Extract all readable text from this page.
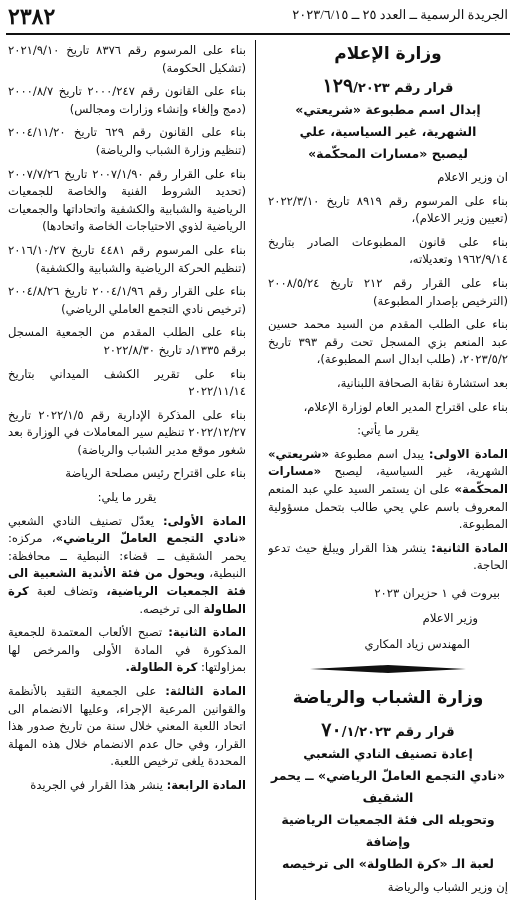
٢٣٨٢	الجريدة الرسمية ــ العدد ٢٥ ــ ٢٠٢٣/٦/١٥
وزارة الإعلام

قرار رقم ١٢٩/٢٠٢٣

إبدال اسم مطبوعة «شريعتي»
الشهرية، غير السياسية، علي
ليصبح «مسارات المحكّمة»

ان وزير الاعلام

بناء على المرسوم رقم ٨٩١٩ تاريخ ٢٠٢٢/٣/١٠ (تعيين وزير الاعلام)،

بناء على قانون المطبوعات الصادر بتاريخ ١٩٦٢/٩/١٤ وتعديلاته،

بناء على القرار رقم ٢١٢ تاريخ ٢٠٠٨/٥/٢٤ (الترخيص بإصدار المطبوعة)

بناء على الطلب المقدم من السيد محمد حسين عبد المنعم بزي المسجل تحت رقم ٣٩٣ تاريخ ٢٠٢٣/٥/٢، (طلب ابدال اسم المطبوعة)،

بعد استشارة نقابة الصحافة اللبنانية،

بناء على اقتراح المدير العام لوزارة الإعلام،

يقرر ما يأتي:

المادة الاولى: يبدل اسم مطبوعة «شريعتي» الشهرية، غير السياسية، ليصبح «مسارات المحكّمة» على ان يستمر السيد علي عبد المنعم المعروف باسم علي يحي طالب بتحمل مسؤولية المطبوعة.

المادة الثانية: ينشر هذا القرار ويبلغ حيث تدعو الحاجة.

بيروت في ١ حزيران ٢٠٢٣
وزير الاعلام
المهندس زياد المكاري
وزارة الشباب والرياضة

قرار رقم ٧٠/١/٢٠٢٣

إعادة تصنيف النادي الشعبي
«نادي التجمع العاملّ الرياضي» ــ يحمر الشقيف
وتحويله الى فئة الجمعيات الرياضية وإضافة
لعبة الـ «كرة الطاولة» الى ترخيصه

إن وزير الشباب والرياضة

بناء على المرسوم رقم ٨٣٧٦ تاريخ ٢٠٢١/٩/١٠ (تشكيل الحكومة)

بناء على القانون رقم ٢٠٠٠/٢٤٧ تاريخ ٢٠٠٠/٨/٧ (دمج وإلغاء وإنشاء وزارات ومجالس)

بناء على القانون رقم ٦٢٩ تاريخ ٢٠٠٤/١١/٢٠ (تنظيم وزارة الشباب والرياضة)

بناء على القرار رقم ٢٠٠٧/١/٩٠ تاريخ ٢٠٠٧/٧/٢٦ (تحديد الشروط الفنية والخاصة للجمعيات الرياضية والشبابية والكشفية واتحاداتها والجمعيات الرياضية لذوي الاحتياجات الخاصة واتحادها)

بناء على المرسوم رقم ٤٤٨١ تاريخ ٢٠١٦/١٠/٢٧ (تنظيم الحركة الرياضية والشبابية والكشفية)

بناء على القرار رقم ٢٠٠٤/١/٩٦ تاريخ ٢٠٠٤/٨/٢٦ (ترخيص نادي التجمع العاملي الرياضي)

بناء على الطلب المقدم من الجمعية المسجل برقم ١٣٣٥/د تاريخ ٢٠٢٢/٨/٣٠

بناء على تقرير الكشف الميداني بتاريخ ٢٠٢٢/١١/١٤

بناء على المذكرة الإدارية رقم ٢٠٢٢/١/٥ تاريخ ٢٠٢٢/١٢/٢٧ تنظيم سير المعاملات في الوزارة بعد شغور موقع مدير الشباب والرياضة)

بناء على اقتراح رئيس مصلحة الرياضة

يقرر ما يلي:

المادة الأولى: يعدّل تصنيف النادي الشعبي «نادي التجمع العاملّ الرياضي»، مركزه: يحمر الشقيف ــ قضاء: النبطية ــ محافظة: النبطية، ويحول من فئة الأندية الشعبية الى فئة الجمعيات الرياضية، وتضاف لعبة كرة الطاولة الى ترخيصه.

المادة الثانية: تصبح الألعاب المعتمدة للجمعية المذكورة في المادة الأولى والمرخص لها بمزاولتها: كرة الطاولة.

المادة الثالثة: على الجمعية التقيد بالأنظمة والقوانين المرعية الإجراء، وعليها الانضمام الى اتحاد اللعبة المعني خلال سنة من تاريخ صدور هذا القرار، وفي حال عدم الانضمام خلال هذه المهلة المحددة يلغى ترخيص اللعبة.

المادة الرابعة: ينشر هذا القرار في الجريدة
